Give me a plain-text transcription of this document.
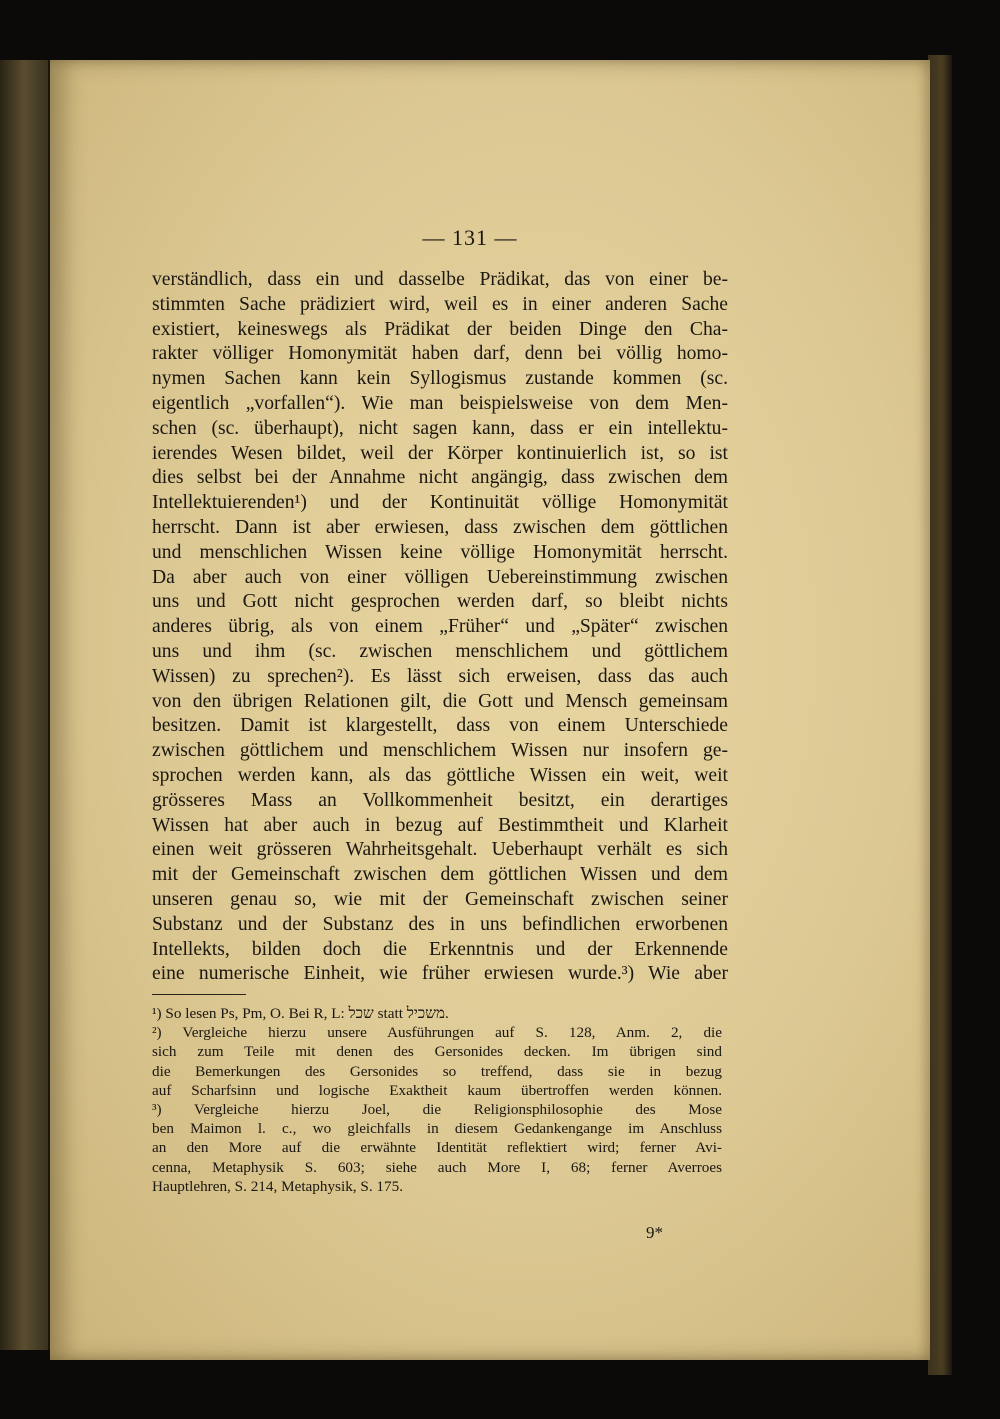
— 131 —
verständlich, dass ein und dasselbe Prädikat, das von einer be-
stimmten Sache prädiziert wird, weil es in einer anderen Sache
existiert, keineswegs als Prädikat der beiden Dinge den Cha-
rakter völliger Homonymität haben darf, denn bei völlig homo-
nymen Sachen kann kein Syllogismus zustande kommen (sc.
eigentlich „vorfallen“). Wie man beispielsweise von dem Men-
schen (sc. überhaupt), nicht sagen kann, dass er ein intellektu-
ierendes Wesen bildet, weil der Körper kontinuierlich ist, so ist
dies selbst bei der Annahme nicht angängig, dass zwischen dem
Intellektuierenden¹) und der Kontinuität völlige Homonymität
herrscht. Dann ist aber erwiesen, dass zwischen dem göttlichen
und menschlichen Wissen keine völlige Homonymität herrscht.
Da aber auch von einer völligen Uebereinstimmung zwischen
uns und Gott nicht gesprochen werden darf, so bleibt nichts
anderes übrig, als von einem „Früher“ und „Später“ zwischen
uns und ihm (sc. zwischen menschlichem und göttlichem
Wissen) zu sprechen²). Es lässt sich erweisen, dass das auch
von den übrigen Relationen gilt, die Gott und Mensch gemeinsam
besitzen. Damit ist klargestellt, dass von einem Unterschiede
zwischen göttlichem und menschlichem Wissen nur insofern ge-
sprochen werden kann, als das göttliche Wissen ein weit, weit
grösseres Mass an Vollkommenheit besitzt, ein derartiges
Wissen hat aber auch in bezug auf Bestimmtheit und Klarheit
einen weit grösseren Wahrheitsgehalt. Ueberhaupt verhält es sich
mit der Gemeinschaft zwischen dem göttlichen Wissen und dem
unseren genau so, wie mit der Gemeinschaft zwischen seiner
Substanz und der Substanz des in uns befindlichen erworbenen
Intellekts, bilden doch die Erkenntnis und der Erkennende
eine numerische Einheit, wie früher erwiesen wurde.³) Wie aber
¹) So lesen Ps, Pm, O. Bei R, L: שכל statt משכיל.
²) Vergleiche hierzu unsere Ausführungen auf S. 128, Anm. 2, die
sich zum Teile mit denen des Gersonides decken. Im übrigen sind
die Bemerkungen des Gersonides so treffend, dass sie in bezug
auf Scharfsinn und logische Exaktheit kaum übertroffen werden können.
³) Vergleiche hierzu Joel, die Religionsphilosophie des Mose
ben Maimon l. c., wo gleichfalls in diesem Gedankengange im Anschluss
an den More auf die erwähnte Identität reflektiert wird; ferner Avi-
cenna, Metaphysik S. 603; siehe auch More I, 68; ferner Averroes
Hauptlehren, S. 214, Metaphysik, S. 175.
9*
